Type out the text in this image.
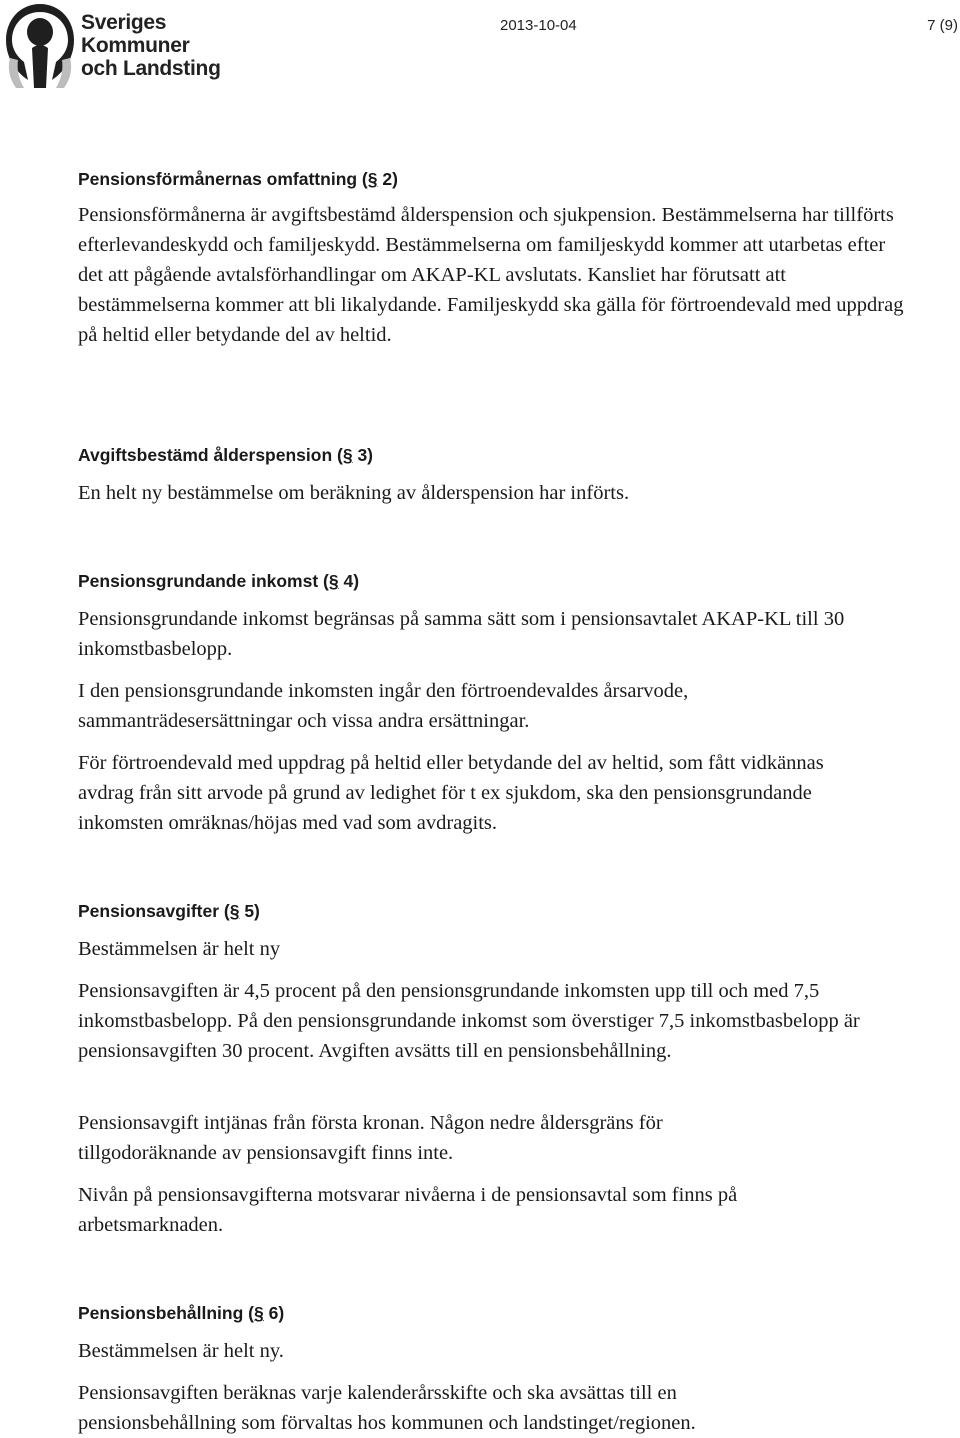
Sveriges
Kommuner
och Landsting
2013-10-04	7 (9)
Pensionsförmånernas omfattning (§ 2)

Pensionsförmånerna är avgiftsbestämd ålderspension och sjukpension. Bestämmelserna har tillförts efterlevandeskydd och familjeskydd. Bestämmelserna om familjeskydd kommer att utarbetas efter det att pågående avtalsförhandlingar om AKAP-KL avslutats. Kansliet har förutsatt att bestämmelserna kommer att bli likalydande. Familjeskydd ska gälla för förtroendevald med uppdrag på heltid eller betydande del av heltid.

Avgiftsbestämd ålderspension (§ 3)

En helt ny bestämmelse om beräkning av ålderspension har införts.

Pensionsgrundande inkomst (§ 4)

Pensionsgrundande inkomst begränsas på samma sätt som i pensionsavtalet AKAP-KL till 30 inkomstbasbelopp.

I den pensionsgrundande inkomsten ingår den förtroendevaldes årsarvode, sammanträdesersättningar och vissa andra ersättningar.

För förtroendevald med uppdrag på heltid eller betydande del av heltid, som fått vidkännas avdrag från sitt arvode på grund av ledighet för t ex sjukdom, ska den pensionsgrundande inkomsten omräknas/höjas med vad som avdragits.

Pensionsavgifter (§ 5)

Bestämmelsen är helt ny

Pensionsavgiften är 4,5 procent på den pensionsgrundande inkomsten upp till och med 7,5 inkomstbasbelopp. På den pensionsgrundande inkomst som överstiger 7,5 inkomstbasbelopp är pensionsavgiften 30 procent. Avgiften avsätts till en pensionsbehållning.

Pensionsavgift intjänas från första kronan. Någon nedre åldersgräns för tillgodoräknande av pensionsavgift finns inte.

Nivån på pensionsavgifterna motsvarar nivåerna i de pensionsavtal som finns på arbetsmarknaden.

Pensionsbehållning (§ 6)

Bestämmelsen är helt ny.

Pensionsavgiften beräknas varje kalenderårsskifte och ska avsättas till en pensionsbehållning som förvaltas hos kommunen och landstinget/regionen.
